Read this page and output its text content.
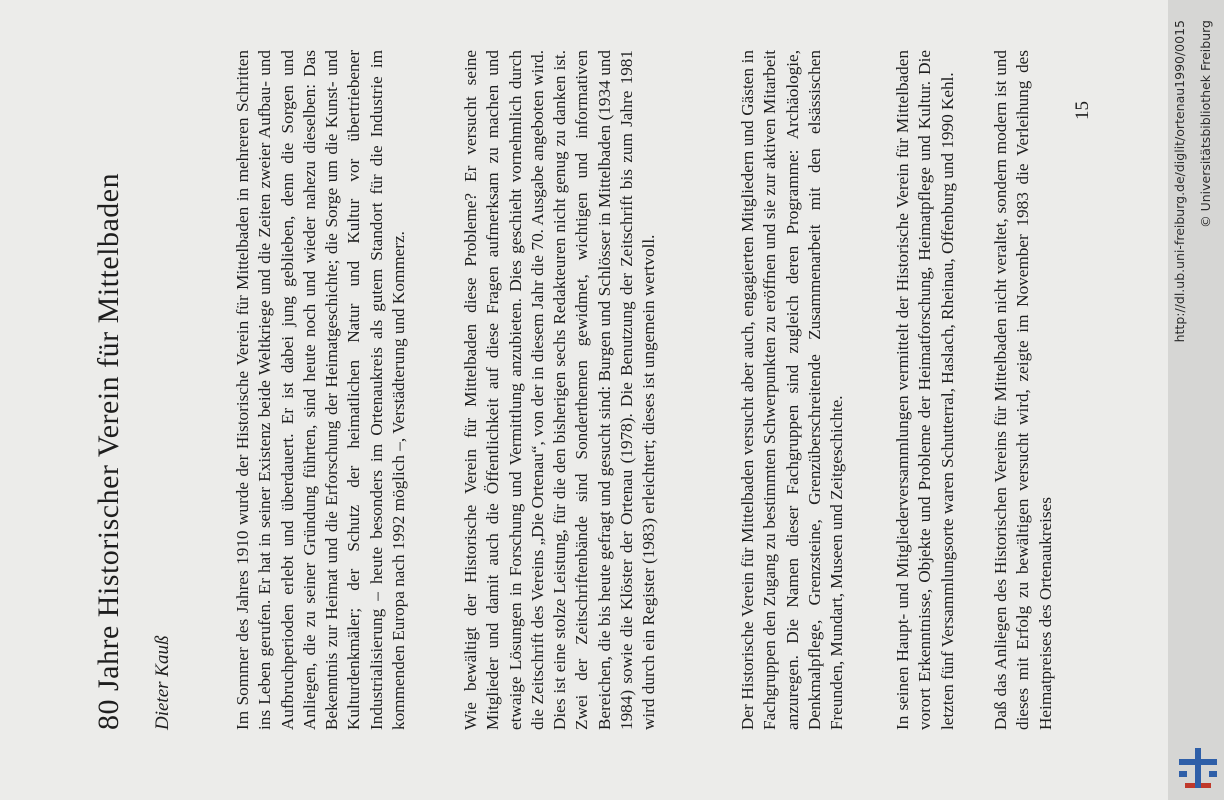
80 Jahre Historischer Verein für Mittelbaden Dieter Kauß	Im Sommer des Jahres 1910 wurde der Historische Verein für Mittelbaden in mehreren Schritten ins Leben gerufen. Er hat in seiner Existenz beide Weltkriege und die Zeiten zweier Aufbau- und Aufbruchperioden erlebt und überdauert. Er ist dabei jung geblieben, denn die Sorgen und Anliegen, die zu seiner Gründung führten, sind heute noch und wieder nahezu dieselben: Das Bekenntnis zur Heimat und die Erforschung der Heimatgeschichte; die Sorge um die Kunst- und Kulturdenkmäler; der Schutz der heimatlichen Natur und Kultur vor übertriebener Industrialisierung – heute besonders im Ortenaukreis als gutem Standort für die Industrie im kommenden Europa nach 1992 möglich –, Verstädterung und Kommerz.	Wie bewältigt der Historische Verein für Mittelbaden diese Probleme? Er versucht seine Mitglieder und damit auch die Öffentlichkeit auf diese Fragen aufmerksam zu machen und etwaige Lösungen in Forschung und Vermittlung anzubieten. Dies geschieht vornehmlich durch die Zeitschrift des Vereins „Die Ortenau“, von der in diesem Jahr die 70. Ausgabe angeboten wird. Dies ist eine stolze Leistung, für die den bisherigen sechs Redakteuren nicht genug zu danken ist. Zwei der Zeitschriftenbände sind Sonderthemen gewidmet, wichtigen und informativen Bereichen, die bis heute gefragt und gesucht sind: Burgen und Schlösser in Mittelbaden (1934 und 1984) sowie die Klöster der Ortenau (1978). Die Benutzung der Zeitschrift bis zum Jahre 1981 wird durch ein Register (1983) erleichtert; dieses ist ungemein wertvoll.	Der Historische Verein für Mittelbaden versucht aber auch, engagierten Mitgliedern und Gästen in Fachgruppen den Zugang zu bestimmten Schwerpunkten zu eröffnen und sie zur aktiven Mitarbeit anzuregen. Die Namen dieser Fachgruppen sind zugleich deren Programme: Archäologie, Denkmalpflege, Grenzsteine, Grenzüberschreitende Zusammenarbeit mit den elsässischen Freunden, Mundart, Museen und Zeitgeschichte.	In seinen Haupt- und Mitgliederversammlungen vermittelt der Historische Verein für Mittelbaden vorort Erkenntnisse, Objekte und Probleme der Heimatforschung, Heimatpflege und Kultur. Die letzten fünf Versammlungsorte waren Schutterral, Haslach, Rheinau, Offenburg und 1990 Kehl. Daß das Anliegen des Historischen Vereins für Mittelbaden nicht veraltet, sondern modern ist und dieses mit Erfolg zu bewältigen versucht wird, zeigte im November 1983 die Verleihung des Heimatpreises des Ortenaukreises

15	http://dl.ub.uni-freiburg.de/diglit/ortenau1990/0015 © Universitätsbibliothek Freiburg
